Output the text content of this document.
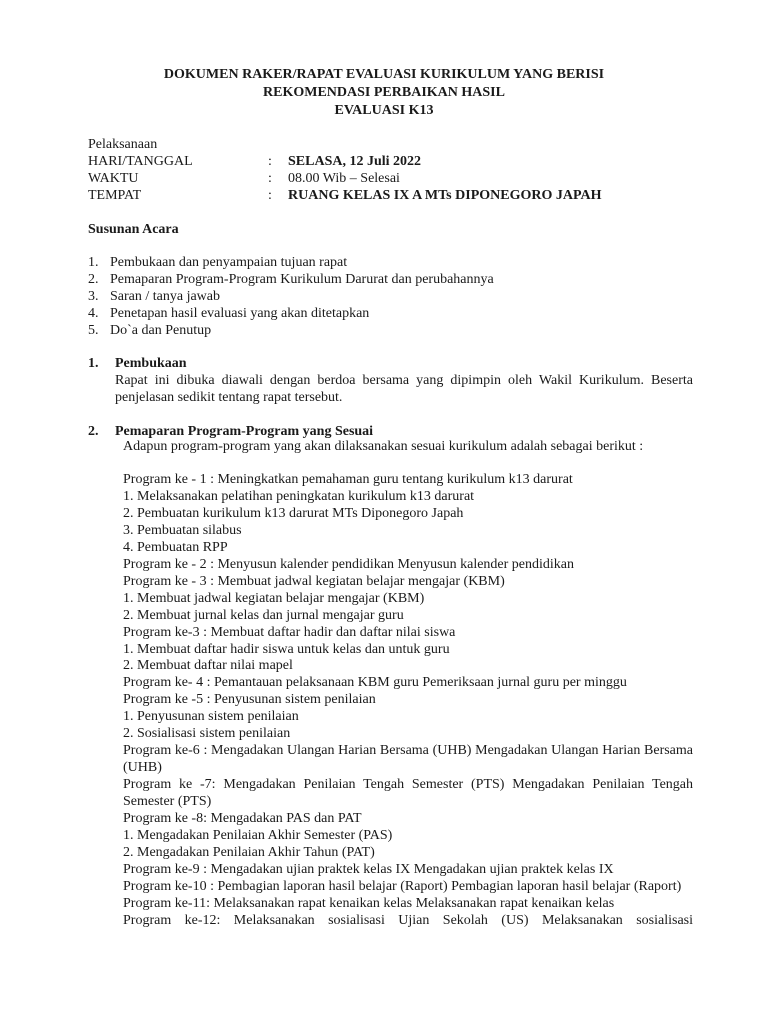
DOKUMEN RAKER/RAPAT EVALUASI KURIKULUM YANG BERISI
REKOMENDASI PERBAIKAN HASIL
EVALUASI K13
Pelaksanaan
HARI/TANGGAL	: SELASA, 12 Juli 2022
WAKTU	: 08.00 Wib – Selesai
TEMPAT	: RUANG KELAS IX A MTs DIPONEGORO JAPAH
Susunan Acara
1. Pembukaan dan penyampaian tujuan rapat
2. Pemaparan Program-Program Kurikulum Darurat dan perubahannya
3. Saran / tanya jawab
4. Penetapan hasil evaluasi yang akan ditetapkan
5. Do`a dan Penutup
1. Pembukaan
Rapat ini dibuka diawali dengan berdoa bersama yang dipimpin oleh Wakil Kurikulum. Beserta penjelasan sedikit tentang rapat tersebut.
2. Pemaparan Program-Program yang Sesuai
Adapun program-program yang akan dilaksanakan sesuai kurikulum adalah sebagai berikut :
Program ke - 1 : Meningkatkan pemahaman guru tentang kurikulum k13 darurat
1. Melaksanakan pelatihan peningkatan kurikulum k13 darurat
2. Pembuatan kurikulum k13 darurat MTs Diponegoro Japah
3. Pembuatan silabus
4. Pembuatan RPP
Program ke - 2 : Menyusun kalender pendidikan Menyusun kalender pendidikan
Program ke - 3 : Membuat jadwal kegiatan belajar mengajar (KBM)
1. Membuat jadwal kegiatan belajar mengajar (KBM)
2. Membuat jurnal kelas dan jurnal mengajar guru
Program ke-3 : Membuat daftar hadir dan daftar nilai siswa
1. Membuat daftar hadir siswa untuk kelas dan untuk guru
2. Membuat daftar nilai mapel
Program ke- 4 : Pemantauan pelaksanaan KBM guru Pemeriksaan jurnal guru per minggu
Program ke -5 : Penyusunan sistem penilaian
1. Penyusunan sistem penilaian
2. Sosialisasi sistem penilaian
Program ke-6 : Mengadakan Ulangan Harian Bersama (UHB) Mengadakan Ulangan Harian Bersama (UHB)
Program ke -7: Mengadakan Penilaian Tengah Semester (PTS) Mengadakan Penilaian Tengah Semester (PTS)
Program ke -8: Mengadakan PAS dan PAT
1. Mengadakan Penilaian Akhir Semester (PAS)
2. Mengadakan Penilaian Akhir Tahun (PAT)
Program ke-9 : Mengadakan ujian praktek kelas IX Mengadakan ujian praktek kelas IX
Program ke-10 : Pembagian laporan hasil belajar (Raport) Pembagian laporan hasil belajar (Raport)
Program ke-11: Melaksanakan rapat kenaikan kelas Melaksanakan rapat kenaikan kelas
Program ke-12: Melaksanakan sosialisasi Ujian Sekolah (US) Melaksanakan sosialisasi
